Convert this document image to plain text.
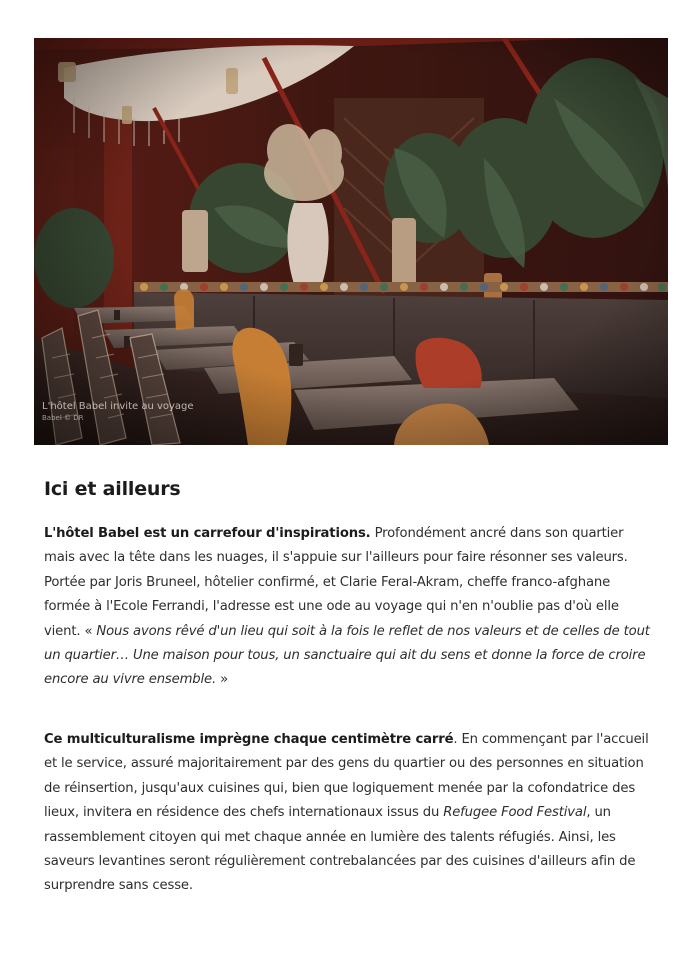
L'hôtel Babel invite au voyage
Babel © DR
Ici et ailleurs

L'hôtel Babel est un carrefour d'inspirations. Profondément ancré dans son quartier mais avec la tête dans les nuages, il s'appuie sur l'ailleurs pour faire résonner ses valeurs. Portée par Joris Bruneel, hôtelier confirmé, et Clarie Feral-Akram, cheffe franco-afghane formée à l'Ecole Ferrandi, l'adresse est une ode au voyage qui n'en n'oublie pas d'où elle vient. « Nous avons rêvé d'un lieu qui soit à la fois le reflet de nos valeurs et de celles de tout un quartier… Une maison pour tous, un sanctuaire qui ait du sens et donne la force de croire encore au vivre ensemble. »

Ce multiculturalisme imprègne chaque centimètre carré. En commençant par l'accueil et le service, assuré majoritairement par des gens du quartier ou des personnes en situation de réinsertion, jusqu'aux cuisines qui, bien que logiquement menée par la cofondatrice des lieux, invitera en résidence des chefs internationaux issus du Refugee Food Festival, un rassemblement citoyen qui met chaque année en lumière des talents réfugiés. Ainsi, les saveurs levantines seront régulièrement contrebalancées par des cuisines d'ailleurs afin de surprendre sans cesse.
